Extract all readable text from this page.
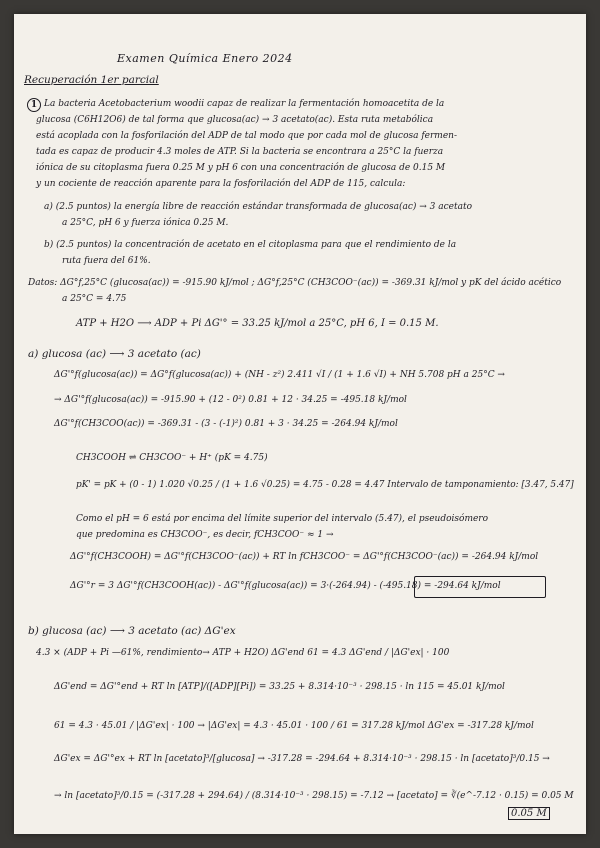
Examen Química Enero 2024
Recuperación 1er parcial
1 La bacteria Acetobacterium woodii capaz de realizar la fermentación homoacetita de la
glucosa (C6H12O6) de tal forma que glucosa(ac) → 3 acetato(ac). Esta ruta metabólica
está acoplada con la fosforilación del ADP de tal modo que por cada mol de glucosa fermen-
tada es capaz de producir 4.3 moles de ATP. Si la bacteria se encontrara a 25°C la fuerza
iónica de su citoplasma fuera 0.25 M y pH 6 con una concentración de glucosa de 0.15 M
y un cociente de reacción aparente para la fosforilación del ADP de 115, calcula:
a) (2.5 puntos) la energía libre de reacción estándar transformada de glucosa(ac) → 3 acetato
a 25°C, pH 6 y fuerza iónica 0.25 M.
b) (2.5 puntos) la concentración de acetato en el citoplasma para que el rendimiento de la
ruta fuera del 61%.
Datos: ΔG°f,25°C (glucosa(ac)) = -915.90 kJ/mol ; ΔG°f,25°C (CH3COO⁻(ac)) = -369.31 kJ/mol y pK del ácido acético
a 25°C = 4.75
ATP + H2O ⟶ ADP + Pi ΔG'° = 33.25 kJ/mol a 25°C, pH 6, I = 0.15 M.
a) glucosa (ac) ⟶ 3 acetato (ac)
ΔG'°f(glucosa(ac)) = ΔG°f(glucosa(ac)) + (NH - z²) 2.411 √I / (1 + 1.6 √I) + NH 5.708 pH a 25°C →
→ ΔG'°f(glucosa(ac)) = -915.90 + (12 - 0²) 0.81 + 12 · 34.25 = -495.18 kJ/mol
ΔG'°f(CH3COO(ac)) = -369.31 - (3 - (-1)²) 0.81 + 3 · 34.25 = -264.94 kJ/mol
CH3COOH ⇌ CH3COO⁻ + H⁺ (pK = 4.75)
pK' = pK + (0 - 1) 1.020 √0.25 / (1 + 1.6 √0.25) = 4.75 - 0.28 = 4.47 Intervalo de tamponamiento: [3.47, 5.47]
Como el pH = 6 está por encima del límite superior del intervalo (5.47), el pseudoisómero
que predomina es CH3COO⁻, es decir, fCH3COO⁻ ≈ 1 →
ΔG'°f(CH3COOH) = ΔG'°f(CH3COO⁻(ac)) + RT ln fCH3COO⁻ = ΔG'°f(CH3COO⁻(ac)) = -264.94 kJ/mol
ΔG'°r = 3 ΔG'°f(CH3COOH(ac)) - ΔG'°f(glucosa(ac)) = 3·(-264.94) - (-495.18) = -294.64 kJ/mol
b) glucosa (ac) ⟶ 3 acetato (ac) ΔG'ex
4.3 × (ADP + Pi —61%, rendimiento→ ATP + H2O) ΔG'end 61 = 4.3 ΔG'end / |ΔG'ex| · 100
ΔG'end = ΔG'°end + RT ln [ATP]/([ADP][Pi]) = 33.25 + 8.314·10⁻³ · 298.15 · ln 115 = 45.01 kJ/mol
61 = 4.3 · 45.01 / |ΔG'ex| · 100 → |ΔG'ex| = 4.3 · 45.01 · 100 / 61 = 317.28 kJ/mol ΔG'ex = -317.28 kJ/mol
ΔG'ex = ΔG'°ex + RT ln [acetato]³/[glucosa] → -317.28 = -294.64 + 8.314·10⁻³ · 298.15 · ln [acetato]³/0.15 →
→ ln [acetato]³/0.15 = (-317.28 + 294.64) / (8.314·10⁻³ · 298.15) = -7.12 → [acetato] = ∛(e^-7.12 · 0.15) = 0.05 M
0.05 M
